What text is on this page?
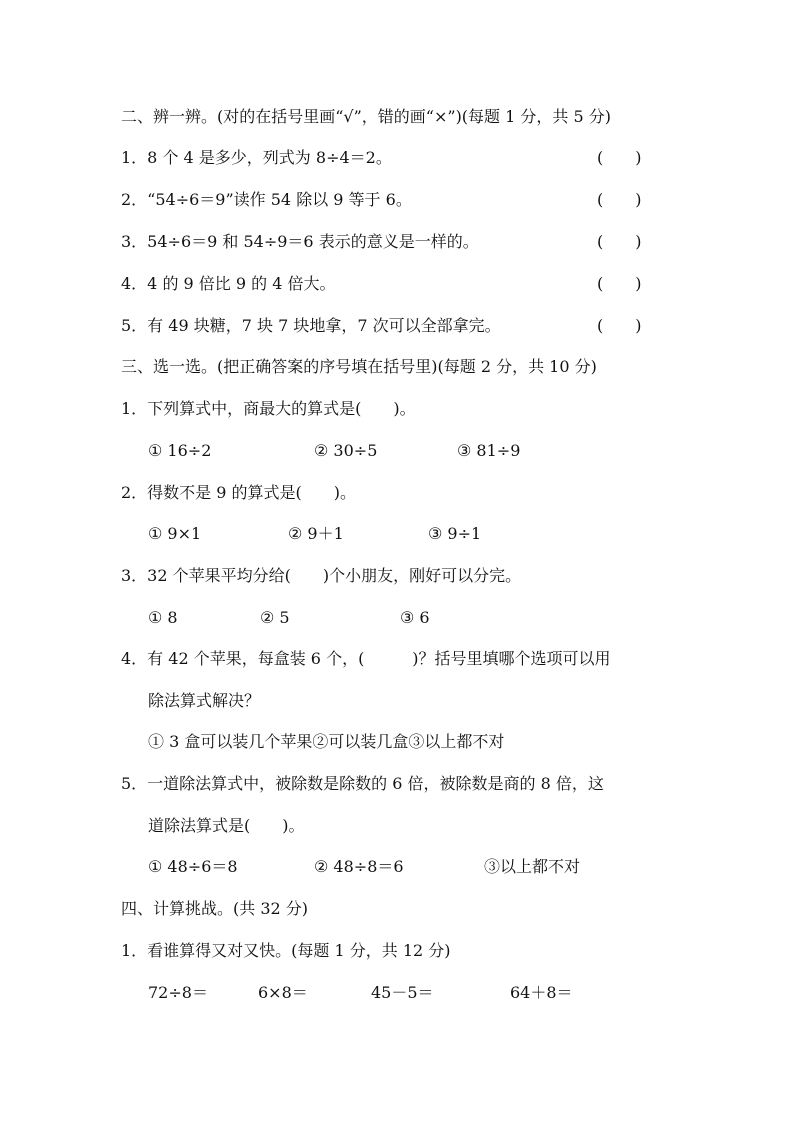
二、辨一辨。(对的在括号里画“√”，错的画“×”)(每题 1 分，共 5 分)
1．8 个 4 是多少，列式为 8÷4＝2。	(　　)
2．“54÷6＝9”读作 54 除以 9 等于 6。	(　　)
3．54÷6＝9 和 54÷9＝6 表示的意义是一样的。	(　　)
4．4 的 9 倍比 9 的 4 倍大。	(　　)
5．有 49 块糖，7 块 7 块地拿，7 次可以全部拿完。	(　　)
三、选一选。(把正确答案的序号填在括号里)(每题 2 分，共 10 分)
1．下列算式中，商最大的算式是(　　)。
① 16÷2	② 30÷5	③ 81÷9
2．得数不是 9 的算式是(　　)。
① 9×1	② 9＋1	③ 9÷1
3．32 个苹果平均分给(　　)个小朋友，刚好可以分完。
① 8	② 5	③ 6
4．有 42 个苹果，每盒装 6 个，(　　　)？括号里填哪个选项可以用
除法算式解决？
① 3 盒可以装几个苹果②可以装几盒③以上都不对
5．一道除法算式中，被除数是除数的 6 倍，被除数是商的 8 倍，这
道除法算式是(　　)。
① 48÷6＝8	② 48÷8＝6	③以上都不对
四、计算挑战。(共 32 分)
1．看谁算得又对又快。(每题 1 分，共 12 分)
72÷8＝	6×8＝	45－5＝	64＋8＝
